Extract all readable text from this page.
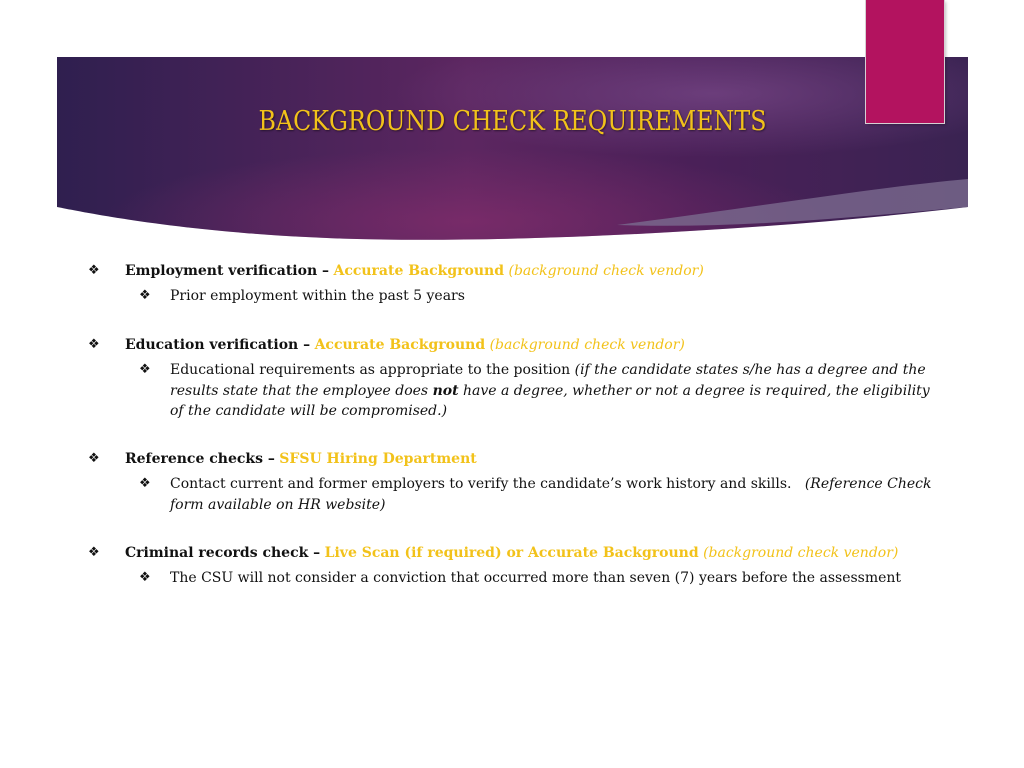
BACKGROUND CHECK REQUIREMENTS
❖ Employment verification – Accurate Background (background check vendor)
❖ Prior employment within the past 5 years
❖ Education verification – Accurate Background (background check vendor)
❖ Educational requirements as appropriate to the position (if the candidate states s/he has a degree and the results state that the employee does not have a degree, whether or not a degree is required, the eligibility of the candidate will be compromised.)
❖ Reference checks – SFSU Hiring Department
❖ Contact current and former employers to verify the candidate’s work history and skills. (Reference Check form available on HR website)
❖ Criminal records check – Live Scan (if required) or Accurate Background (background check vendor)
❖ The CSU will not consider a conviction that occurred more than seven (7) years before the assessment
